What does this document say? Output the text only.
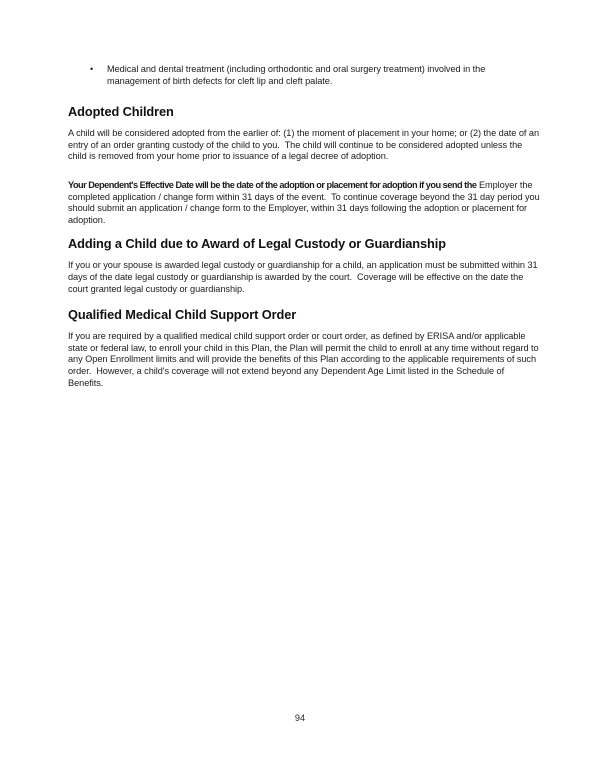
•	Medical and dental treatment (including orthodontic and oral surgery treatment) involved in the management of birth defects for cleft lip and cleft palate.
Adopted Children

A child will be considered adopted from the earlier of: (1) the moment of placement in your home; or (2) the date of an entry of an order granting custody of the child to you.  The child will continue to be considered adopted unless the child is removed from your home prior to issuance of a legal decree of adoption.

Your Dependent's Effective Date will be the date of the adoption or placement for adoption if you send the Employer the completed application / change form within 31 days of the event.  To continue coverage beyond the 31 day period you should submit an application / change form to the Employer, within 31 days following the adoption or placement for adoption.

Adding a Child due to Award of Legal Custody or Guardianship

If you or your spouse is awarded legal custody or guardianship for a child, an application must be submitted within 31 days of the date legal custody or guardianship is awarded by the court.  Coverage will be effective on the date the court granted legal custody or guardianship.

Qualified Medical Child Support Order

If you are required by a qualified medical child support order or court order, as defined by ERISA and/or applicable state or federal law, to enroll your child in this Plan, the Plan will permit the child to enroll at any time without regard to any Open Enrollment limits and will provide the benefits of this Plan according to the applicable requirements of such order.  However, a child's coverage will not extend beyond any Dependent Age Limit listed in the Schedule of Benefits.

94
